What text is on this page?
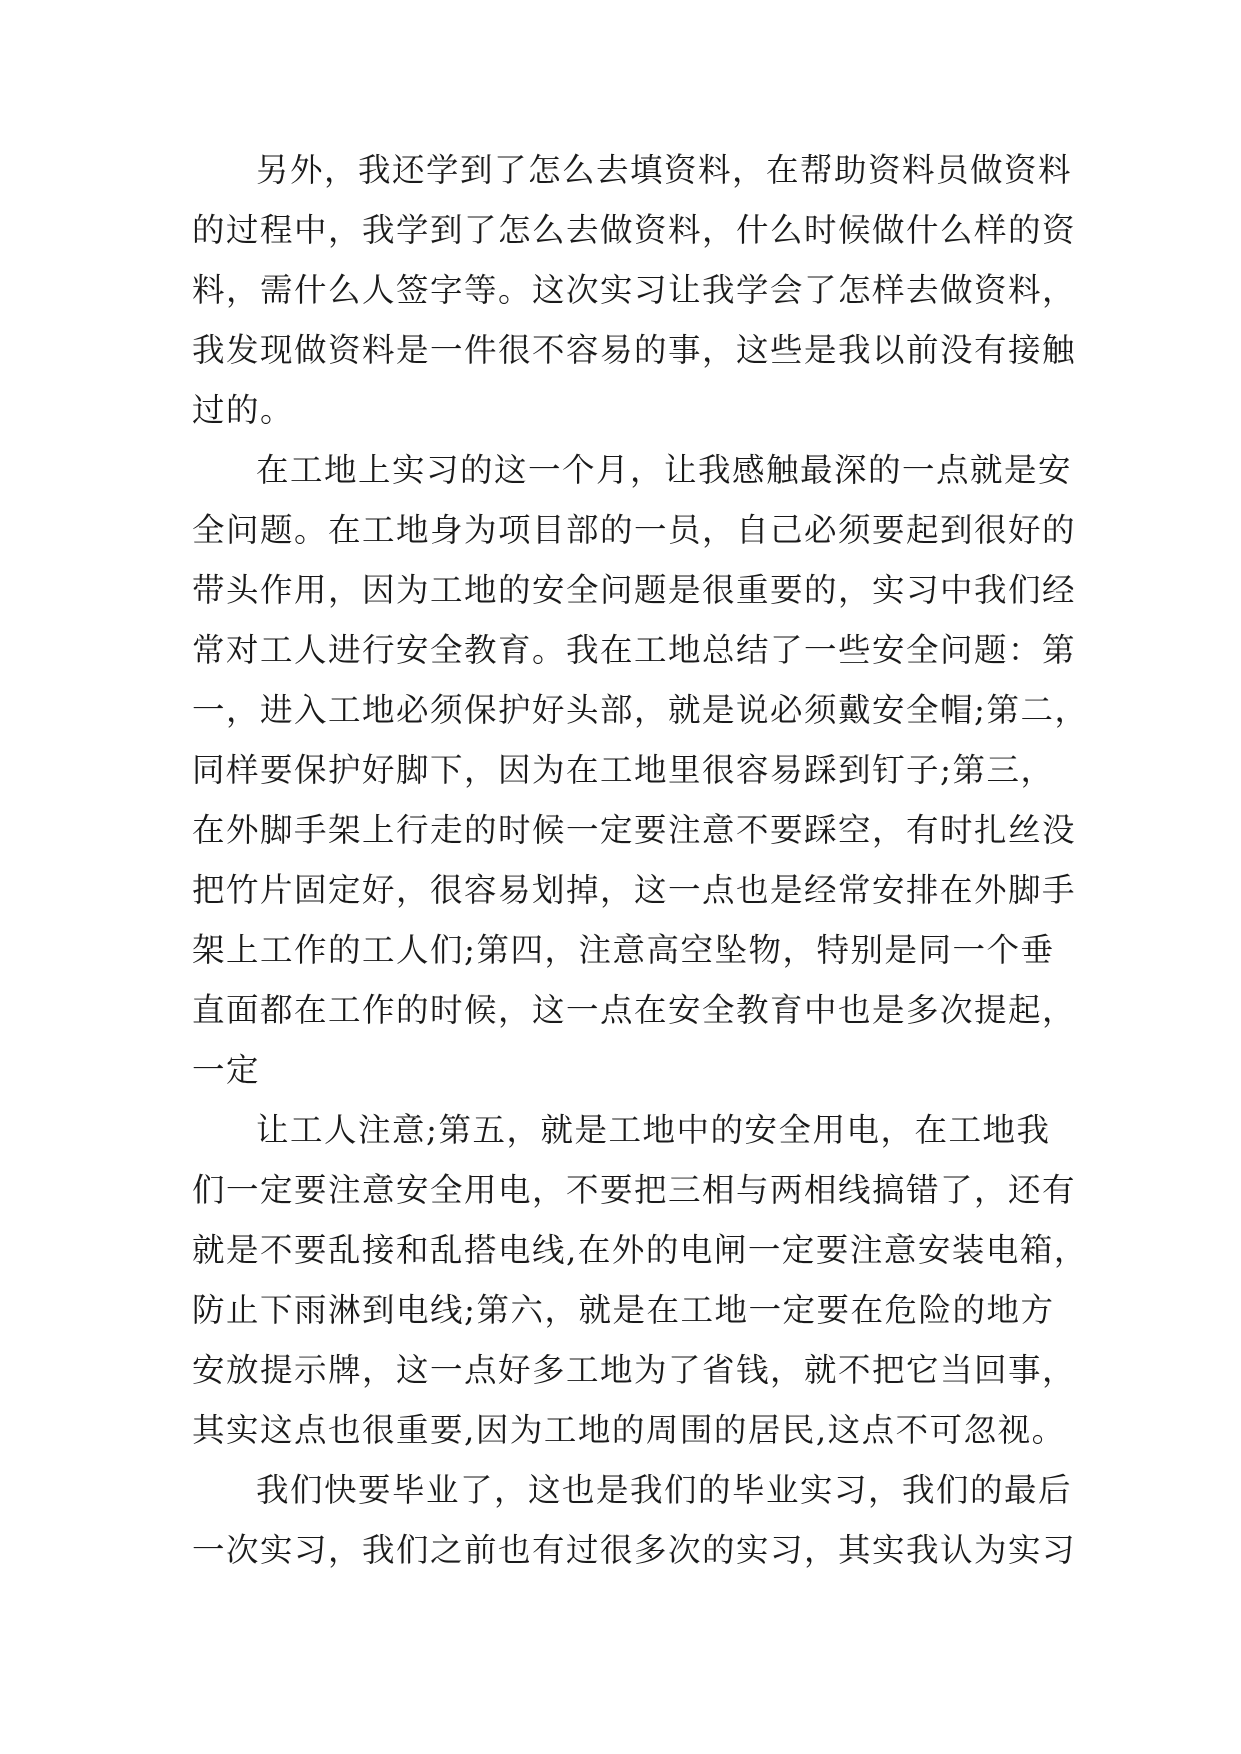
另外，我还学到了怎么去填资料，在帮助资料员做资料
的过程中，我学到了怎么去做资料，什么时候做什么样的资
料，需什么人签字等。这次实习让我学会了怎样去做资料，
我发现做资料是一件很不容易的事，这些是我以前没有接触
过的。
在工地上实习的这一个月，让我感触最深的一点就是安
全问题。在工地身为项目部的一员，自己必须要起到很好的
带头作用，因为工地的安全问题是很重要的，实习中我们经
常对工人进行安全教育。我在工地总结了一些安全问题：第
一，进入工地必须保护好头部，就是说必须戴安全帽;第二，
同样要保护好脚下，因为在工地里很容易踩到钉子;第三，
在外脚手架上行走的时候一定要注意不要踩空，有时扎丝没
把竹片固定好，很容易划掉，这一点也是经常安排在外脚手
架上工作的工人们;第四，注意高空坠物，特别是同一个垂
直面都在工作的时候，这一点在安全教育中也是多次提起，
一定
让工人注意;第五，就是工地中的安全用电，在工地我
们一定要注意安全用电，不要把三相与两相线搞错了，还有
就是不要乱接和乱搭电线,在外的电闸一定要注意安装电箱，
防止下雨淋到电线;第六，就是在工地一定要在危险的地方
安放提示牌，这一点好多工地为了省钱，就不把它当回事，
其实这点也很重要,因为工地的周围的居民,这点不可忽视。
我们快要毕业了，这也是我们的毕业实习，我们的最后
一次实习，我们之前也有过很多次的实习，其实我认为实习
